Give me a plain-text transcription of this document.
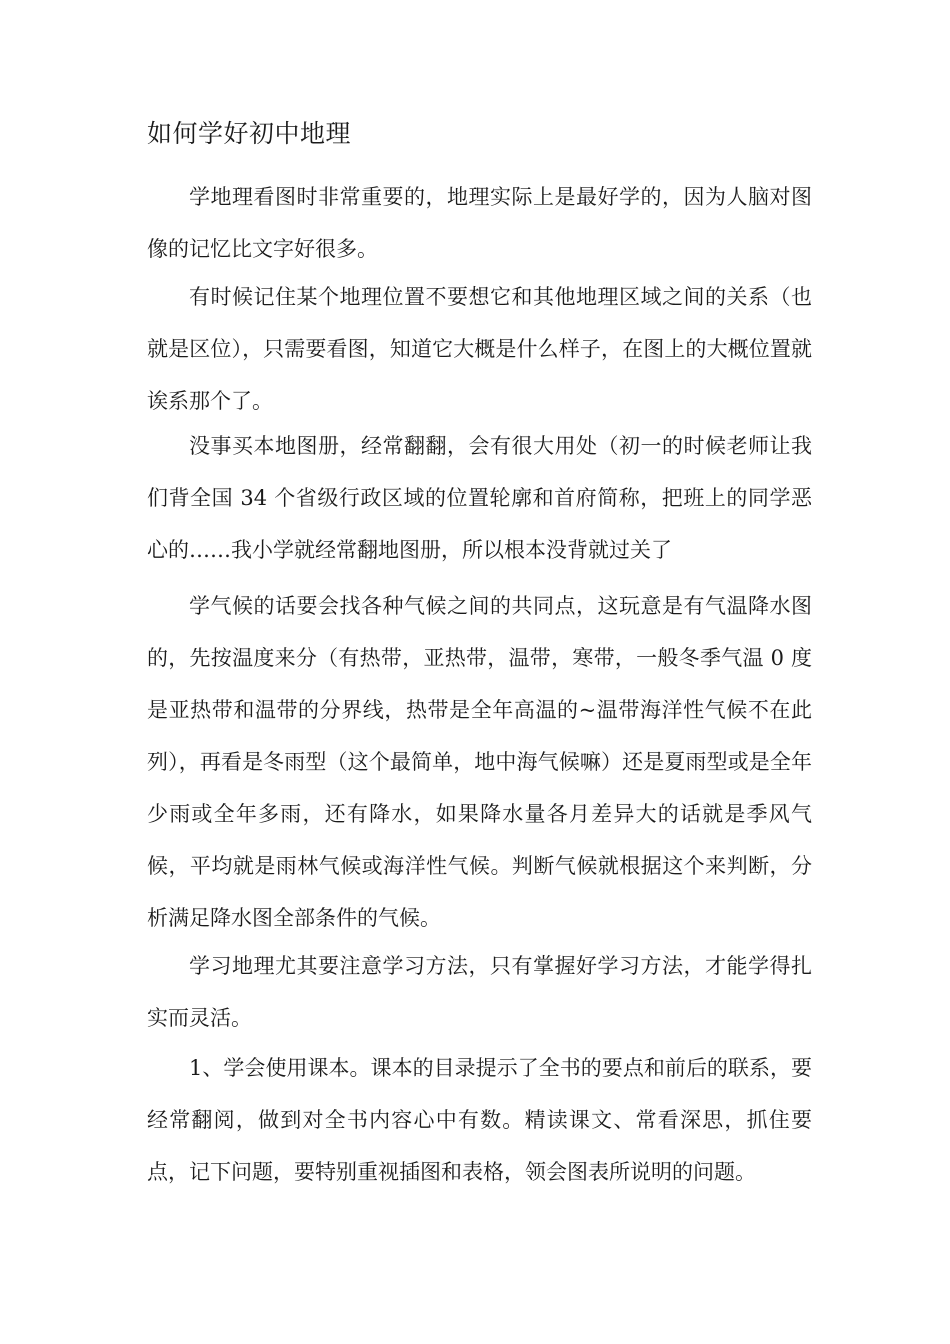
如何学好初中地理

学地理看图时非常重要的，地理实际上是最好学的，因为人脑对图像的记忆比文字好很多。

有时候记住某个地理位置不要想它和其他地理区域之间的关系（也就是区位），只需要看图，知道它大概是什么样子，在图上的大概位置就诶系那个了。

没事买本地图册，经常翻翻，会有很大用处（初一的时候老师让我们背全国 34 个省级行政区域的位置轮廓和首府简称，把班上的同学恶心的……我小学就经常翻地图册，所以根本没背就过关了

学气候的话要会找各种气候之间的共同点，这玩意是有气温降水图的，先按温度来分（有热带，亚热带，温带，寒带，一般冬季气温 0 度是亚热带和温带的分界线，热带是全年高温的~温带海洋性气候不在此列），再看是冬雨型（这个最简单，地中海气候嘛）还是夏雨型或是全年少雨或全年多雨，还有降水，如果降水量各月差异大的话就是季风气候，平均就是雨林气候或海洋性气候。判断气候就根据这个来判断，分析满足降水图全部条件的气候。

学习地理尤其要注意学习方法，只有掌握好学习方法，才能学得扎实而灵活。

1、学会使用课本。课本的目录提示了全书的要点和前后的联系，要经常翻阅，做到对全书内容心中有数。精读课文、常看深思，抓住要点，记下问题，要特别重视插图和表格，领会图表所说明的问题。
